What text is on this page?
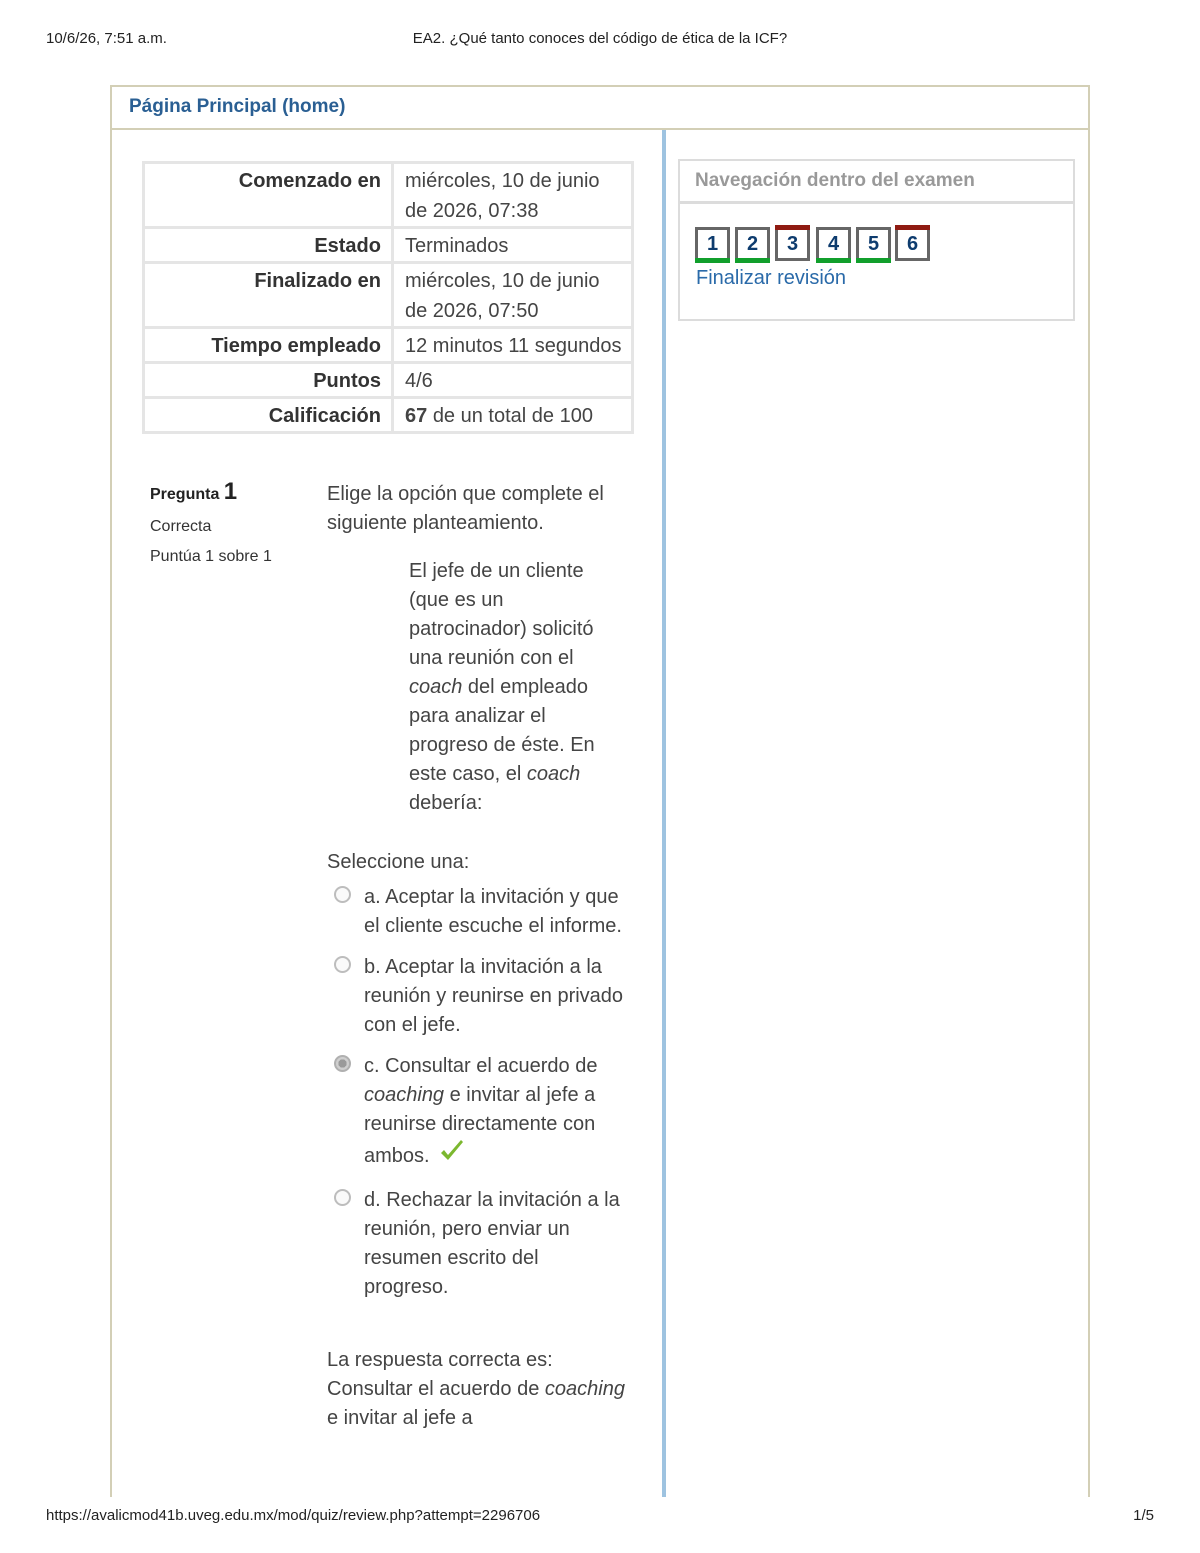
10/6/26, 7:51 a.m.	EA2. ¿Qué tanto conoces del código de ética de la ICF?
Página Principal (home)
Comenzado en	miércoles, 10 de junio de 2026, 07:38
Estado	Terminados
Finalizado en	miércoles, 10 de junio de 2026, 07:50
Tiempo empleado	12 minutos 11 segundos
Puntos	4/6
Calificación	67 de un total de 100
Pregunta 1
Correcta
Puntúa 1 sobre 1

Elige la opción que complete el siguiente planteamiento.

El jefe de un cliente (que es un patrocinador) solicitó una reunión con el coach del empleado para analizar el progreso de éste. En este caso, el coach debería:
Seleccione una:
a. Aceptar la invitación y que el cliente escuche el informe.
b. Aceptar la invitación a la reunión y reunirse en privado con el jefe.
c. Consultar el acuerdo de coaching e invitar al jefe a reunirse directamente con ambos.
d. Rechazar la invitación a la reunión, pero enviar un resumen escrito del progreso.
La respuesta correcta es: Consultar el acuerdo de coaching e invitar al jefe a
Navegación dentro del examen
1	2	3	4	5	6
Finalizar revisión
https://avalicmod41b.uveg.edu.mx/mod/quiz/review.php?attempt=2296706	1/5
